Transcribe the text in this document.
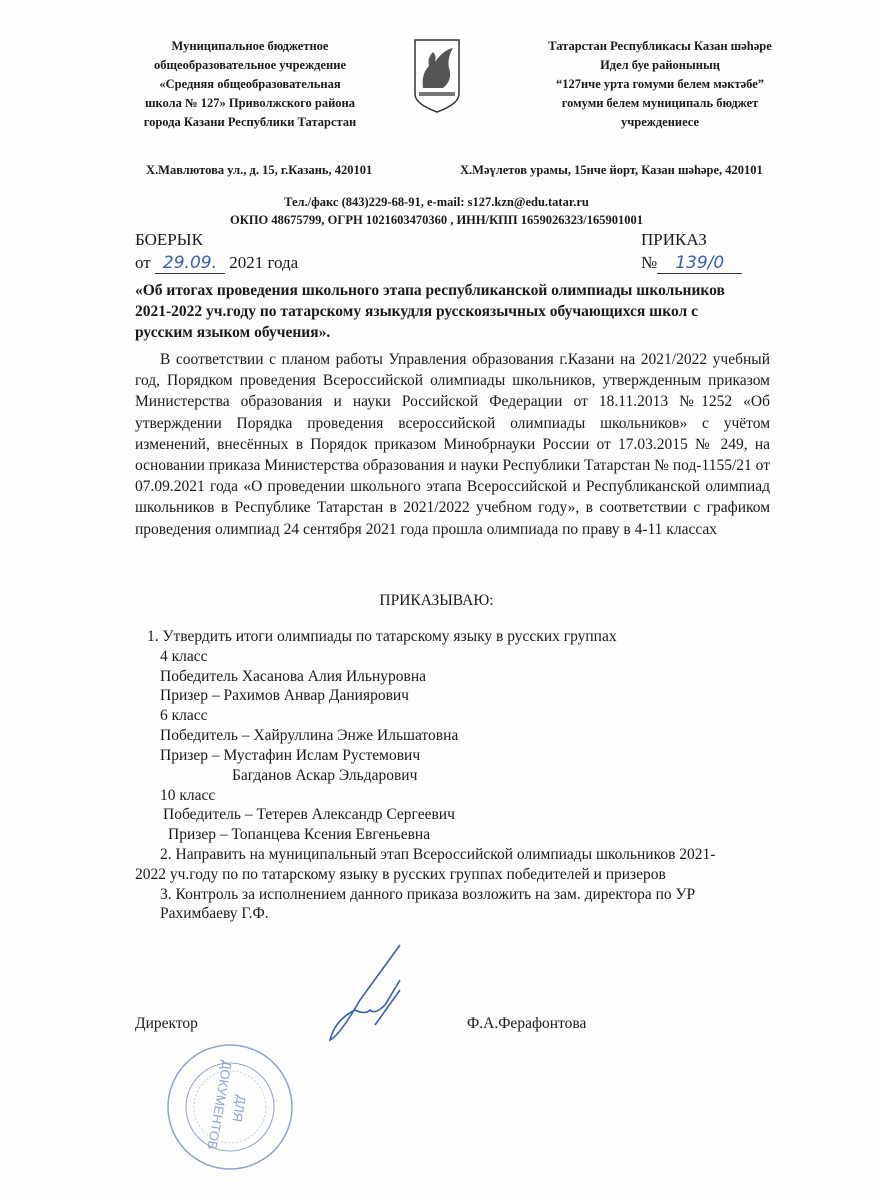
Муниципальное бюджетное
общеобразовательное учреждение
«Средняя общеобразовательная
школа № 127» Приволжского района
города Казани Республики Татарстан
Татарстан Республикасы Казан шәһәре
Идел буе районының
“127нче урта гомуми белем мәктәбе”
гомуми белем муниципаль бюджет
учреждениесе
Х.Мавлютова ул., д. 15, г.Казань, 420101	Х.Мәүлетов урамы, 15нче йорт, Казан шәһәре, 420101
Тел./факс (843)229-68-91, e-mail: s127.kzn@edu.tatar.ru
ОКПО 48675799, ОГРН 1021603470360 , ИНН/КПП 1659026323/165901001
БОЕРЫК
от 29.09. 2021 года
ПРИКАЗ
№ 139/0
«Об итогах проведения школьного этапа республиканской олимпиады школьников
2021-2022 уч.году по татарскому языкудля русскоязычных обучающихся школ с
русским языком обучения».
В соответствии с планом работы Управления образования г.Казани на 2021/2022 учебный год, Порядком проведения Всероссийской олимпиады школьников, утвержденным приказом Министерства образования и науки Российской Федерации от 18.11.2013 №1252 «Об утверждении Порядка проведения всероссийской олимпиады школьников» с учётом изменений, внесённых в Порядок приказом Минобрнауки России от 17.03.2015 № 249, на основании приказа Министерства образования и науки Республики Татарстан № под-1155/21 от 07.09.2021 года «О проведении школьного этапа Всероссийской и Республиканской олимпиад школьников в Республике Татарстан в 2021/2022 учебном году», в соответствии с графиком проведения олимпиад 24 сентября 2021 года прошла олимпиада по праву в 4-11 классах
ПРИКАЗЫВАЮ:
1. Утвердить итоги олимпиады по татарскому языку в русских группах
4 класс
Победитель Хасанова Алия Ильнуровна
Призер – Рахимов Анвар Даниярович
6 класс
Победитель – Хайруллина Энже Ильшатовна
Призер – Мустафин Ислам Рустемович
Багданов Аскар Эльдарович
10 класс
Победитель – Тетерев Александр Сергеевич
Призер – Топанцева Ксения Евгеньевна
2. Направить на муниципальный этап Всероссийской олимпиады школьников 2021-
2022 уч.году по по татарскому языку в русских группах победителей и призеров
3. Контроль за исполнением данного приказа возложить на зам. директора по УР
Рахимбаеву Г.Ф.
ДЛЯ
ДОКУМЕНТОВ
Директор	Ф.А.Ферафонтова
